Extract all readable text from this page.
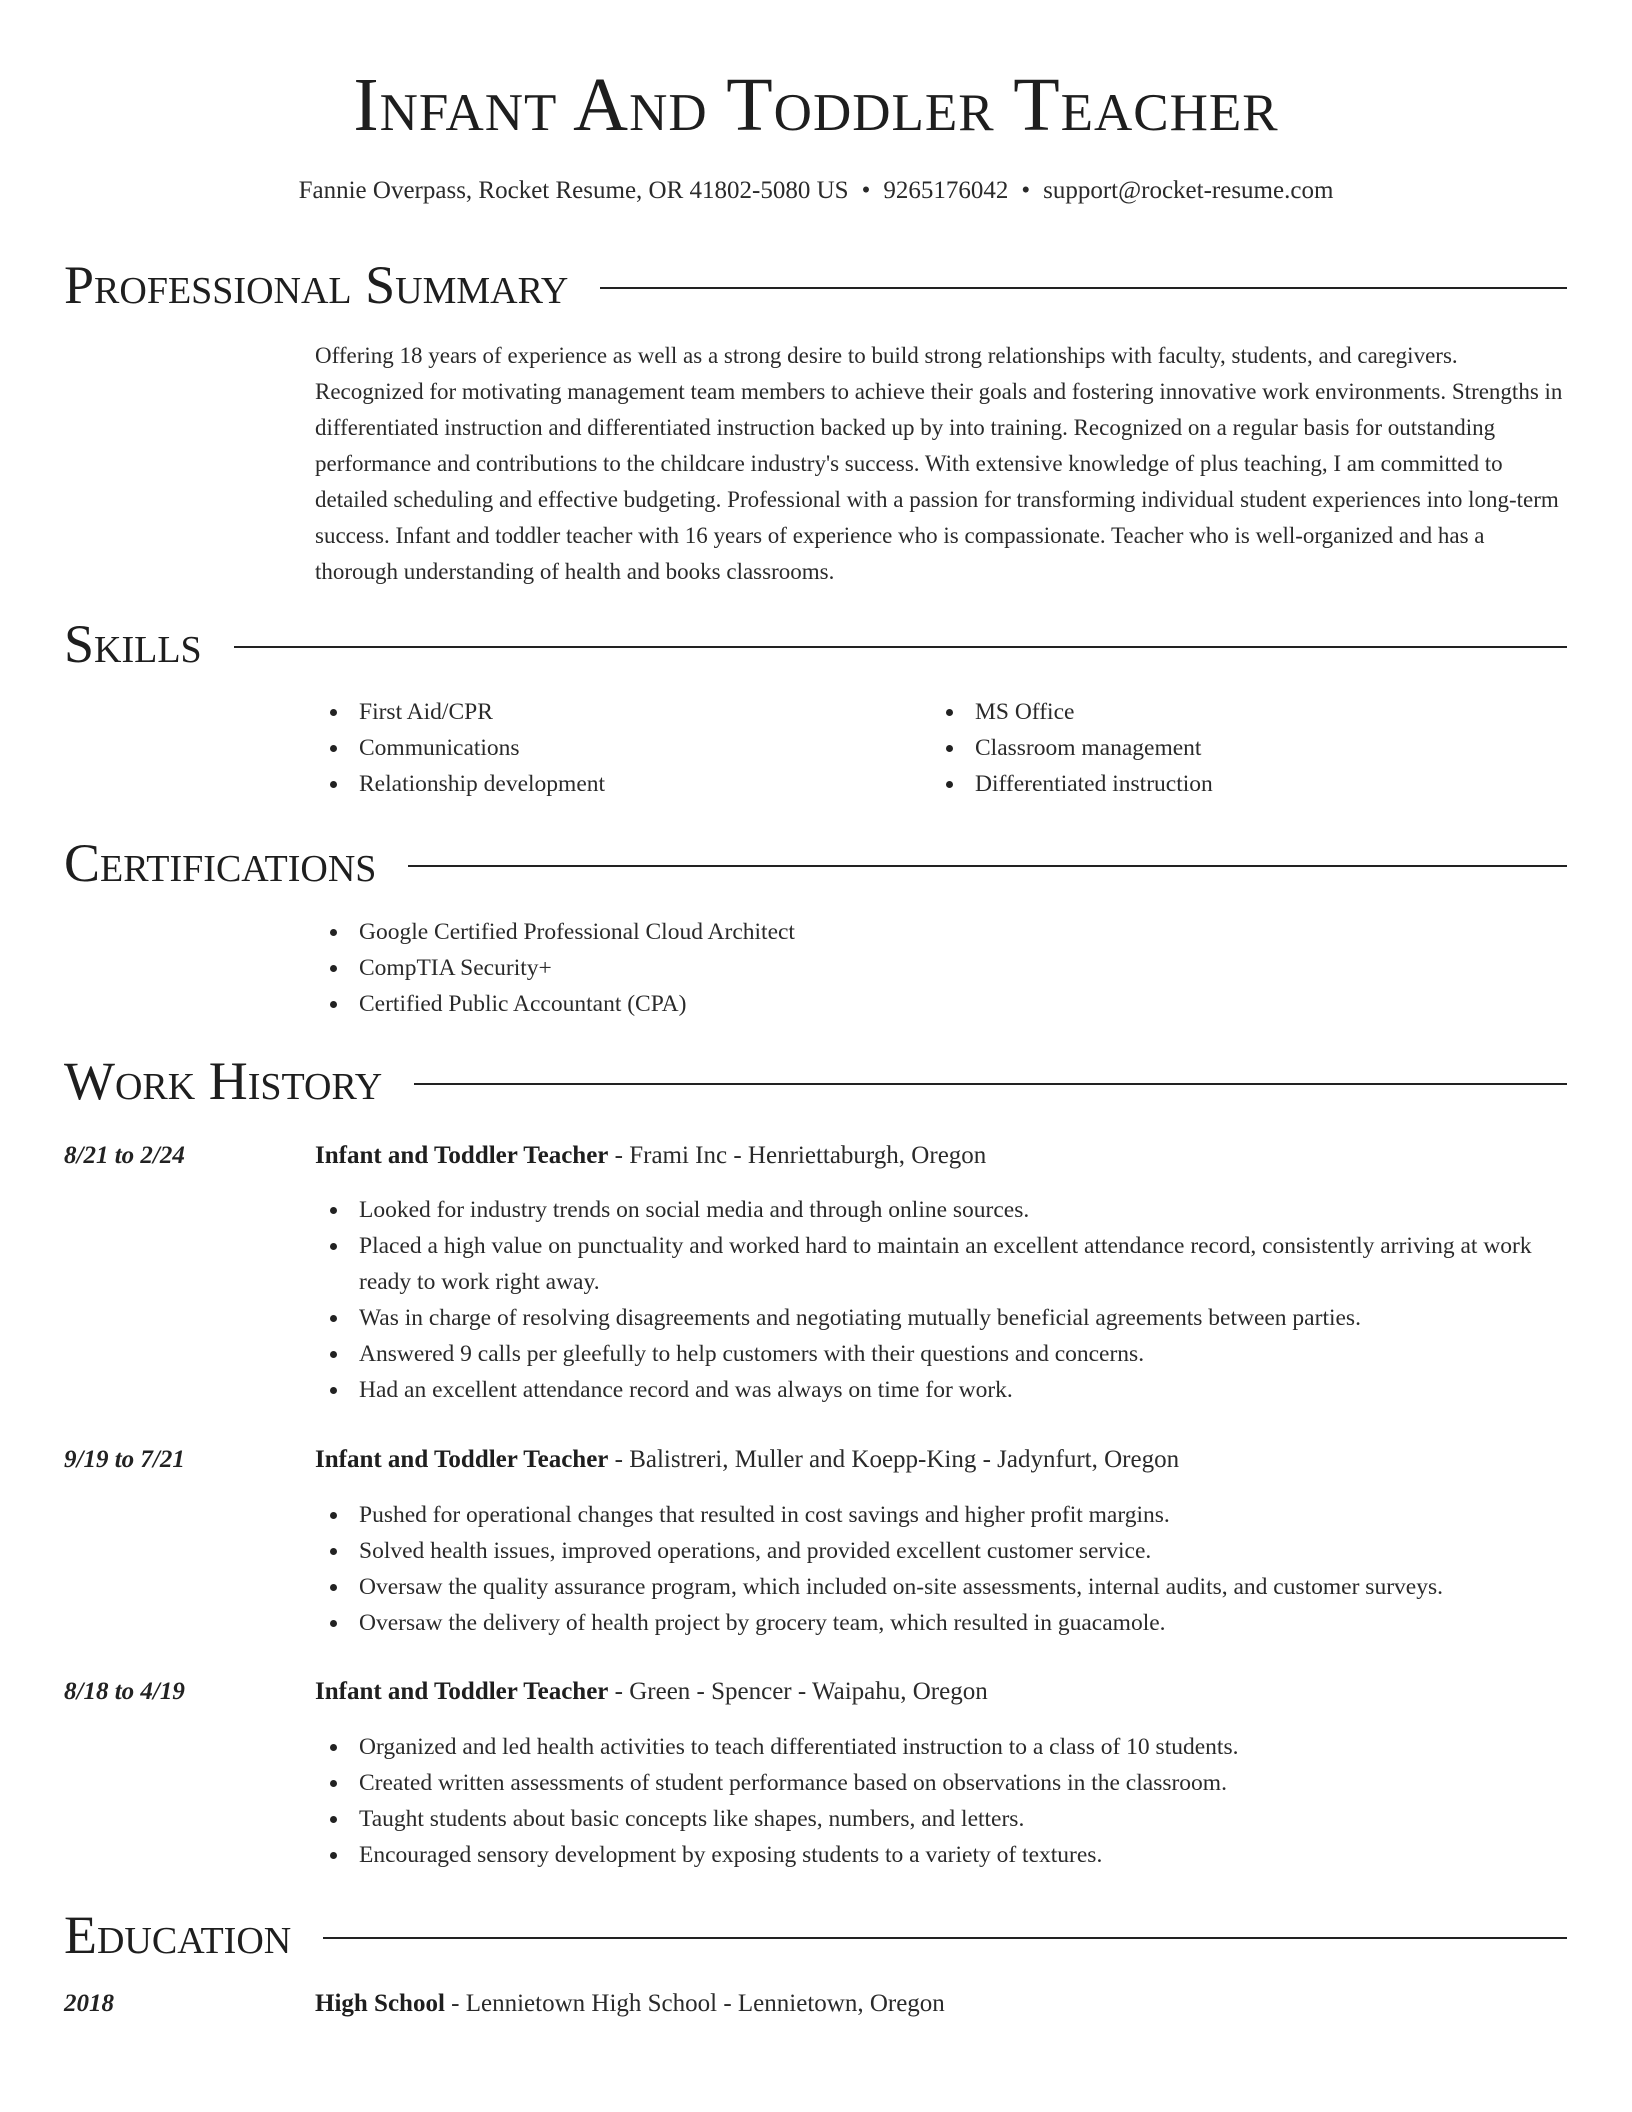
Infant And Toddler Teacher
Fannie Overpass, Rocket Resume, OR 41802-5080 US • 9265176042 • support@rocket-resume.com
Professional Summary

Offering 18 years of experience as well as a strong desire to build strong relationships with faculty, students, and caregivers. Recognized for motivating management team members to achieve their goals and fostering innovative work environments. Strengths in differentiated instruction and differentiated instruction backed up by into training. Recognized on a regular basis for outstanding performance and contributions to the childcare industry's success. With extensive knowledge of plus teaching, I am committed to detailed scheduling and effective budgeting. Professional with a passion for transforming individual student experiences into long-term success. Infant and toddler teacher with 16 years of experience who is compassionate. Teacher who is well-organized and has a thorough understanding of health and books classrooms.

Skills
First Aid/CPR
Communications
Relationship development
MS Office
Classroom management
Differentiated instruction
Certifications
Google Certified Professional Cloud Architect
CompTIA Security+
Certified Public Accountant (CPA)
Work History
8/21 to 2/24	Infant and Toddler Teacher - Frami Inc - Henriettaburgh, Oregon
Looked for industry trends on social media and through online sources.
Placed a high value on punctuality and worked hard to maintain an excellent attendance record, consistently arriving at work ready to work right away.
Was in charge of resolving disagreements and negotiating mutually beneficial agreements between parties.
Answered 9 calls per gleefully to help customers with their questions and concerns.
Had an excellent attendance record and was always on time for work.
9/19 to 7/21	Infant and Toddler Teacher - Balistreri, Muller and Koepp-King - Jadynfurt, Oregon
Pushed for operational changes that resulted in cost savings and higher profit margins.
Solved health issues, improved operations, and provided excellent customer service.
Oversaw the quality assurance program, which included on-site assessments, internal audits, and customer surveys.
Oversaw the delivery of health project by grocery team, which resulted in guacamole.
8/18 to 4/19	Infant and Toddler Teacher - Green - Spencer - Waipahu, Oregon
Organized and led health activities to teach differentiated instruction to a class of 10 students.
Created written assessments of student performance based on observations in the classroom.
Taught students about basic concepts like shapes, numbers, and letters.
Encouraged sensory development by exposing students to a variety of textures.
Education
2018	High School - Lennietown High School - Lennietown, Oregon
